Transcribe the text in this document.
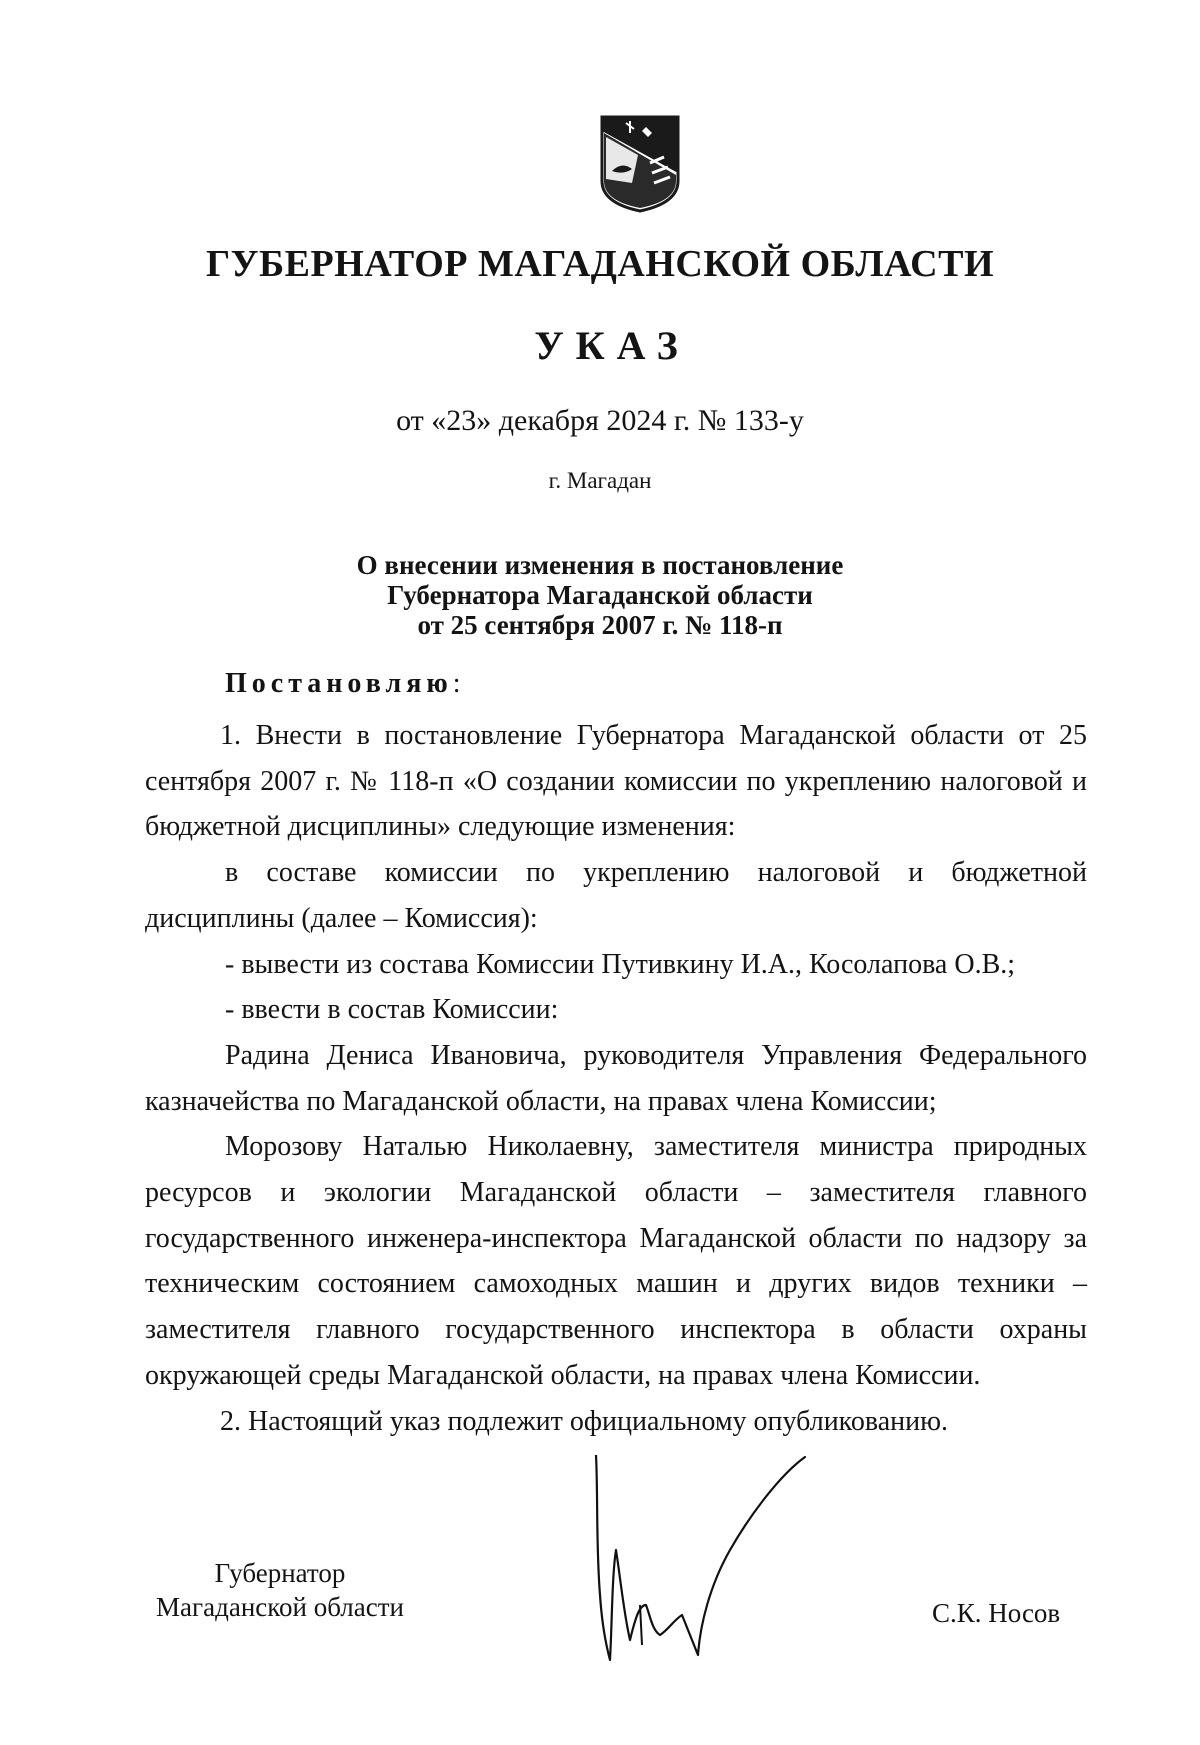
ГУБЕРНАТОР МАГАДАНСКОЙ ОБЛАСТИ
УКАЗ
от «23» декабря 2024 г. № 133-у
г. Магадан
О внесении изменения в постановление
Губернатора Магаданской области
от 25 сентября 2007 г. № 118-п
Постановляю:

1. Внести в постановление Губернатора Магаданской области от 25 сентября 2007 г. № 118-п «О создании комиссии по укреплению налоговой и бюджетной дисциплины» следующие изменения:

в составе комиссии по укреплению налоговой и бюджетной дисциплины (далее – Комиссия):

- вывести из состава Комиссии Путивкину И.А., Косолапова О.В.;

- ввести в состав Комиссии:

Радина Дениса Ивановича, руководителя Управления Федерального казначейства по Магаданской области, на правах члена Комиссии;

Морозову Наталью Николаевну, заместителя министра природных ресурсов и экологии Магаданской области – заместителя главного государственного инженера-инспектора Магаданской области по надзору за техническим состоянием самоходных машин и других видов техники – заместителя главного государственного инспектора в области охраны окружающей среды Магаданской области, на правах члена Комиссии.

2. Настоящий указ подлежит официальному опубликованию.

Губернатор
Магаданской области	С.К. Носов
